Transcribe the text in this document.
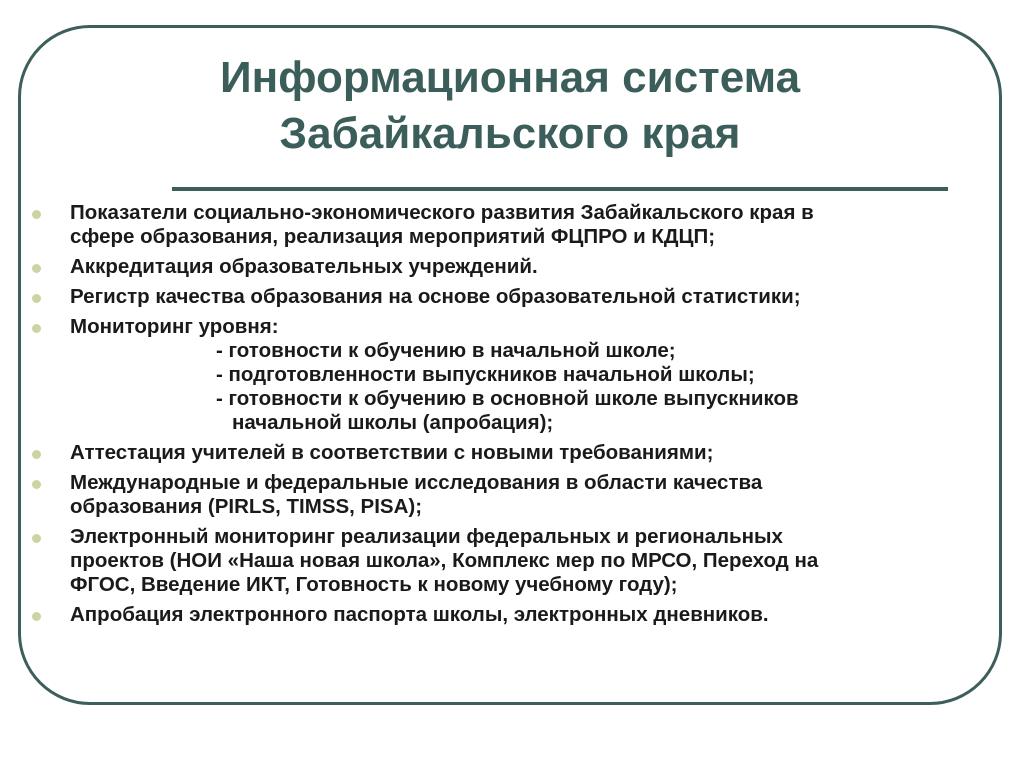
Информационная система
Забайкальского края
Показатели социально-экономического развития Забайкальского края в
сфере образования, реализация мероприятий ФЦПРО и КДЦП;
Аккредитация образовательных учреждений.
Регистр качества образования на основе образовательной статистики;
Мониторинг уровня:
- готовности к обучению в начальной школе;
- подготовленности выпускников начальной школы;
- готовности к обучению в основной школе выпускников
начальной школы (апробация);
Аттестация учителей в соответствии с новыми требованиями;
Международные и федеральные исследования в области качества
образования (PIRLS, TIMSS, PISA);
Электронный мониторинг реализации федеральных и региональных
проектов (НОИ «Наша новая школа», Комплекс мер по МРСО, Переход на
ФГОС, Введение ИКТ, Готовность к новому учебному году);
Апробация электронного паспорта школы, электронных дневников.
